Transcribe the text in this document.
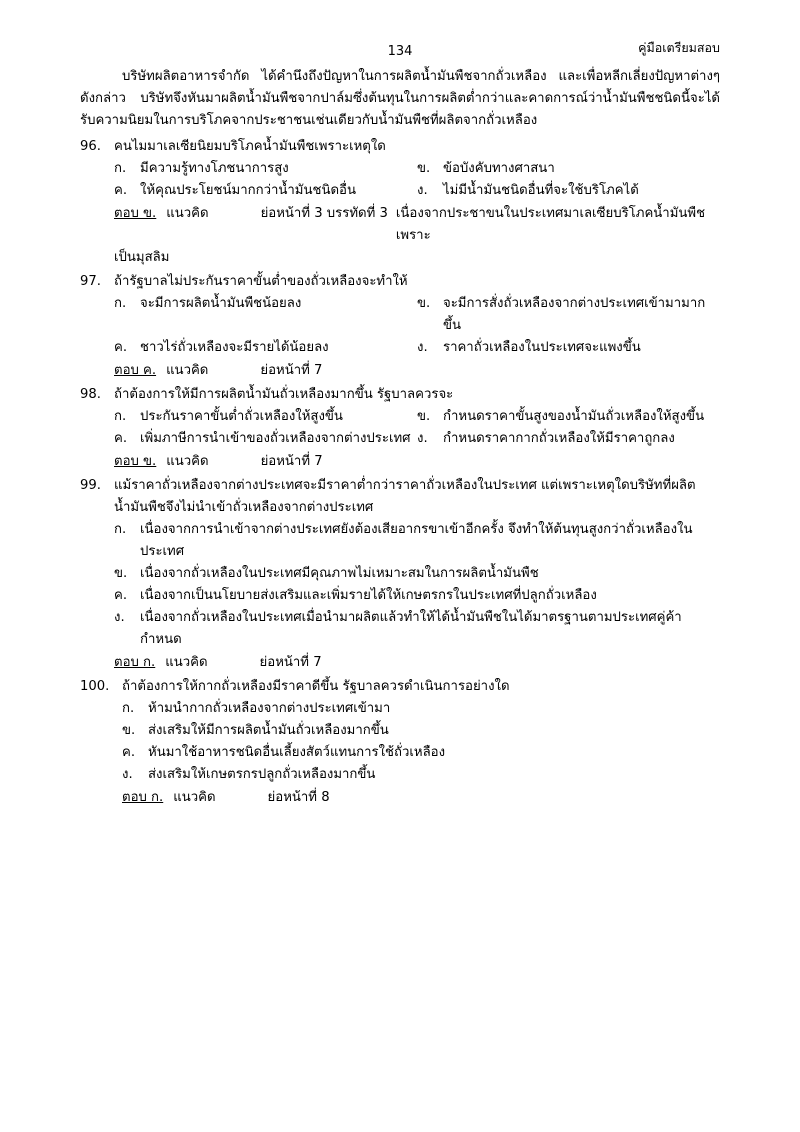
134	คู่มือเตรียมสอบ
บริษัทผลิตอาหารจำกัด ได้คำนึงถึงปัญหาในการผลิตน้ำมันพืชจากถั่วเหลือง และเพื่อหลีกเลี่ยงปัญหาต่างๆ ดังกล่าว บริษัทจึงหันมาผลิตน้ำมันพืชจากปาล์มซึ่งต้นทุนในการผลิตต่ำกว่าและคาดการณ์ว่าน้ำมันพืชชนิดนี้จะได้รับความนิยมในการบริโภคจากประชาชนเช่นเดียวกับน้ำมันพืชที่ผลิตจากถั่วเหลือง
96. คนไมมาเลเซียนิยมบริโภคน้ำมันพืชเพราะเหตุใด
ก.	มีความรู้ทางโภชนาการสูง	ข. ข้อบังคับทางศาสนา
ค. ให้คุณประโยชน์มากกว่าน้ำมันชนิดอื่น	ง.	ไม่มีน้ำมันชนิดอื่นที่จะใช้บริโภคได้
ตอบ ข. แนวคิด	ย่อหน้าที่ 3 บรรทัดที่ 3 เนื่องจากประชาขนในประเทศมาเลเซียบริโภคน้ำมันพืชเพราะ
เป็นมุสลิม
97. ถ้ารัฐบาลไม่ประกันราคาขั้นต่ำของถั่วเหลืองจะทำให้
ก.	จะมีการผลิตน้ำมันพืชน้อยลง	ข. จะมีการสั่งถั่วเหลืองจากต่างประเทศเข้ามามากขึ้น
ค. ชาวไร่ถั่วเหลืองจะมีรายได้น้อยลง	ง.	ราคาถั่วเหลืองในประเทศจะแพงขึ้น
ตอบ ค. แนวคิด	ย่อหน้าที่ 7
98. ถ้าต้องการให้มีการผลิตน้ำมันถั่วเหลืองมากขึ้น รัฐบาลควรจะ
ก.	ประกันราคาขั้นต่ำถั่วเหลืองให้สูงขึ้น	ข. กำหนดราคาขั้นสูงของน้ำมันถั่วเหลืองให้สูงขึ้น
ค. เพิ่มภาษีการนำเข้าของถั่วเหลืองจากต่างประเทศ ง.	กำหนดราคากากถั่วเหลืองให้มีราคาถูกลง
ตอบ ข. แนวคิด	ย่อหน้าที่ 7
99. แม้ราคาถั่วเหลืองจากต่างประเทศจะมีราคาต่ำกว่าราคาถั่วเหลืองในประเทศ แต่เพราะเหตุใดบริษัทที่ผลิตน้ำมันพืชจึงไม่นำเข้าถั่วเหลืองจากต่างประเทศ
ก.	เนื่องจากการนำเข้าจากต่างประเทศยังต้องเสียอากรขาเข้าอีกครั้ง จึงทำให้ต้นทุนสูงกว่าถั่วเหลืองในประเทศ
ข. เนื่องจากถั่วเหลืองในประเทศมีคุณภาพไม่เหมาะสมในการผลิตน้ำมันพืช
ค. เนื่องจากเป็นนโยบายส่งเสริมและเพิ่มรายได้ให้เกษตรกรในประเทศที่ปลูกถั่วเหลือง
ง.	เนื่องจากถั่วเหลืองในประเทศเมื่อนำมาผลิตแล้วทำให้ได้น้ำมันพืชในได้มาตรฐานตามประเทศคู่ค้ากำหนด
ตอบ ก. แนวคิด	ย่อหน้าที่ 7
100. ถ้าต้องการให้กากถั่วเหลืองมีราคาดีขึ้น รัฐบาลควรดำเนินการอย่างใด
ก.	ห้ามนำกากถั่วเหลืองจากต่างประเทศเข้ามา
ข. ส่งเสริมให้มีการผลิตน้ำมันถั่วเหลืองมากขึ้น
ค. หันมาใช้อาหารชนิดอื่นเลี้ยงสัตว์แทนการใช้ถั่วเหลือง
ง.	ส่งเสริมให้เกษตรกรปลูกถั่วเหลืองมากขึ้น
ตอบ ก. แนวคิด	ย่อหน้าที่ 8
